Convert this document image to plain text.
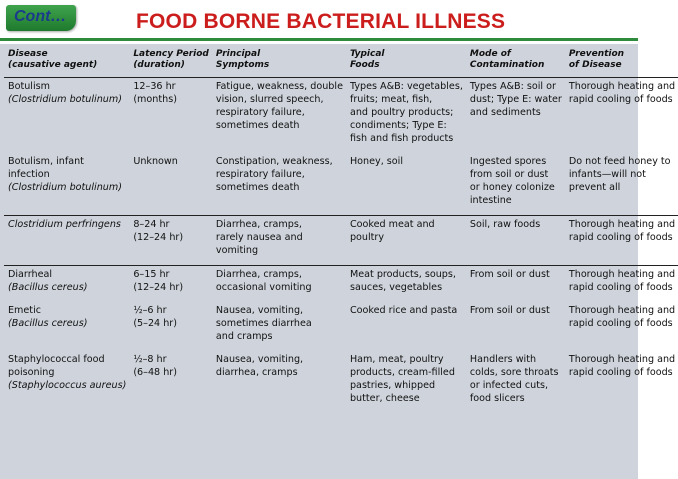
Cont…	FOOD BORNE BACTERIAL ILLNESS
Disease
(causative agent)	Latency Period
(duration)	Principal
Symptoms	Typical
Foods	Mode of
Contamination	Prevention
of Disease

Botulism
(Clostridium botulinum)	12–36 hr
(months)	Fatigue, weakness, double
vision, slurred speech,
respiratory failure,
sometimes death	Types A&B: vegetables,
fruits; meat, fish,
and poultry products;
condiments; Type E:
fish and fish products	Types A&B: soil or
dust; Type E: water
and sediments	Thorough heating and
rapid cooling of foods

Botulism, infant
infection
(Clostridium botulinum)	Unknown	Constipation, weakness,
respiratory failure,
sometimes death	Honey, soil	Ingested spores
from soil or dust
or honey colonize
intestine	Do not feed honey to
infants—will not
prevent all

Clostridium perfringens	8–24 hr
(12–24 hr)	Diarrhea, cramps,
rarely nausea and
vomiting	Cooked meat and
poultry	Soil, raw foods	Thorough heating and
rapid cooling of foods

Diarrheal
(Bacillus cereus)	6–15 hr
(12–24 hr)	Diarrhea, cramps,
occasional vomiting	Meat products, soups,
sauces, vegetables	From soil or dust	Thorough heating and
rapid cooling of foods

Emetic
(Bacillus cereus)	½–6 hr
(5–24 hr)	Nausea, vomiting,
sometimes diarrhea
and cramps	Cooked rice and pasta	From soil or dust	Thorough heating and
rapid cooling of foods

Staphylococcal food
poisoning
(Staphylococcus aureus)	½–8 hr
(6–48 hr)	Nausea, vomiting,
diarrhea, cramps	Ham, meat, poultry
products, cream-filled
pastries, whipped
butter, cheese	Handlers with
colds, sore throats
or infected cuts,
food slicers	Thorough heating and
rapid cooling of foods
